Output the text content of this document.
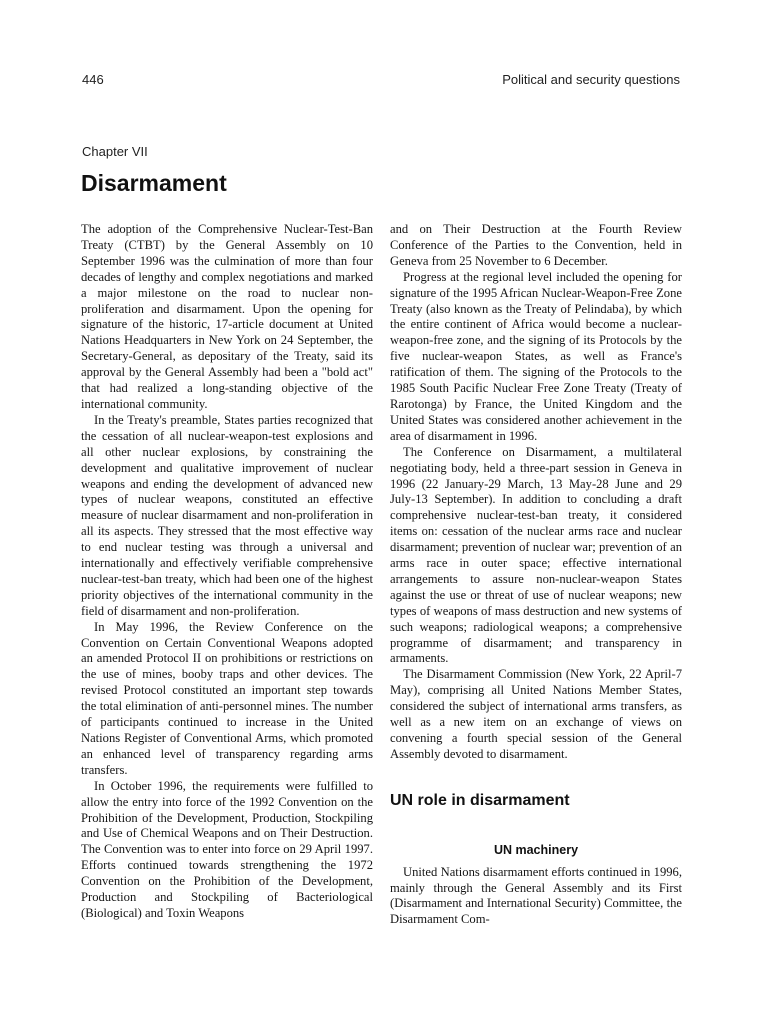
446	Political and security questions
Chapter VII
Disarmament

The adoption of the Comprehensive Nuclear-Test-Ban Treaty (CTBT) by the General Assembly on 10 September 1996 was the culmination of more than four decades of lengthy and complex negotiations and marked a major milestone on the road to nuclear non-proliferation and disarmament. Upon the opening for signature of the historic, 17-article document at United Nations Headquarters in New York on 24 September, the Secretary-General, as depositary of the Treaty, said its approval by the General Assembly had been a "bold act" that had realized a long-standing objective of the international community.

In the Treaty's preamble, States parties recognized that the cessation of all nuclear-weapon-test explosions and all other nuclear explosions, by constraining the development and qualitative improvement of nuclear weapons and ending the development of advanced new types of nuclear weapons, constituted an effective measure of nuclear disarmament and non-proliferation in all its aspects. They stressed that the most effective way to end nuclear testing was through a universal and internationally and effectively verifiable comprehensive nuclear-test-ban treaty, which had been one of the highest priority objectives of the international community in the field of disarmament and non-proliferation.

In May 1996, the Review Conference on the Convention on Certain Conventional Weapons adopted an amended Protocol II on prohibitions or restrictions on the use of mines, booby traps and other devices. The revised Protocol constituted an important step towards the total elimination of anti-personnel mines. The number of participants continued to increase in the United Nations Register of Conventional Arms, which promoted an enhanced level of transparency regarding arms transfers.

In October 1996, the requirements were fulfilled to allow the entry into force of the 1992 Convention on the Prohibition of the Development, Production, Stockpiling and Use of Chemical Weapons and on Their Destruction. The Convention was to enter into force on 29 April 1997. Efforts continued towards strengthening the 1972 Convention on the Prohibition of the Development, Production and Stockpiling of Bacteriological (Biological) and Toxin Weapons

and on Their Destruction at the Fourth Review Conference of the Parties to the Convention, held in Geneva from 25 November to 6 December.

Progress at the regional level included the opening for signature of the 1995 African Nuclear-Weapon-Free Zone Treaty (also known as the Treaty of Pelindaba), by which the entire continent of Africa would become a nuclear-weapon-free zone, and the signing of its Protocols by the five nuclear-weapon States, as well as France's ratification of them. The signing of the Protocols to the 1985 South Pacific Nuclear Free Zone Treaty (Treaty of Rarotonga) by France, the United Kingdom and the United States was considered another achievement in the area of disarmament in 1996.

The Conference on Disarmament, a multilateral negotiating body, held a three-part session in Geneva in 1996 (22 January-29 March, 13 May-28 June and 29 July-13 September). In addition to concluding a draft comprehensive nuclear-test-ban treaty, it considered items on: cessation of the nuclear arms race and nuclear disarmament; prevention of nuclear war; prevention of an arms race in outer space; effective international arrangements to assure non-nuclear-weapon States against the use or threat of use of nuclear weapons; new types of weapons of mass destruction and new systems of such weapons; radiological weapons; a comprehensive programme of disarmament; and transparency in armaments.

The Disarmament Commission (New York, 22 April-7 May), comprising all United Nations Member States, considered the subject of international arms transfers, as well as a new item on an exchange of views on convening a fourth special session of the General Assembly devoted to disarmament.

UN role in disarmament
UN machinery

United Nations disarmament efforts continued in 1996, mainly through the General Assembly and its First (Disarmament and International Security) Committee, the Disarmament Com-
